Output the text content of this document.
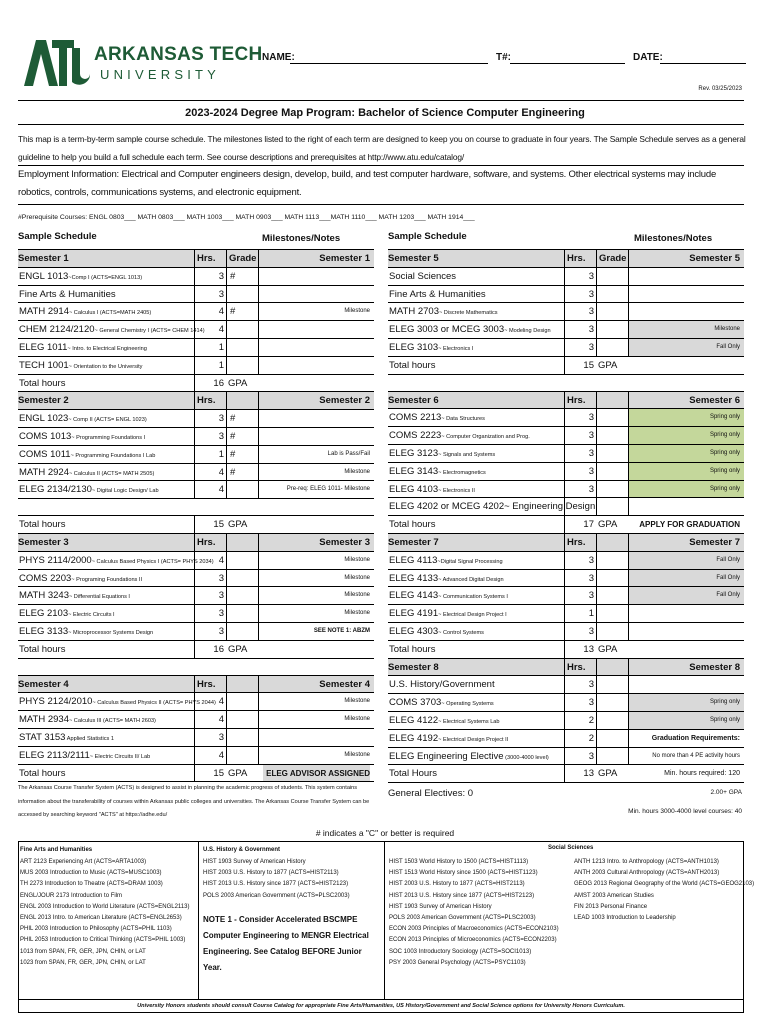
ARKANSAS TECH
UNIVERSITY
NAME:	T#:	DATE:
Rev. 03/25/2023
2023-2024 Degree Map Program: Bachelor of Science Computer Engineering
This map is a term-by-term sample course schedule. The milestones listed to the right of each term are designed to keep you on course to graduate in four years. The Sample Schedule serves as a general guideline to help you build a full schedule each term. See course descriptions and prerequisites at http://www.atu.edu/catalog/
Employment Information: Electrical and Computer engineers design, develop, build, and test computer hardware, software, and systems. Other electrical systems may include robotics, controls, communications systems, and electronic equipment.
#Prerequisite Courses: ENGL 0803___ MATH 0803___ MATH 1003___ MATH 0903___ MATH 1113___MATH 1110___ MATH 1203___ MATH 1914___
Sample Schedule	Milestones/Notes	Sample Schedule	Milestones/Notes
Semester 1	Hrs. Grade	Semester 1
ENGL 1013~Comp I (ACTS=ENGL 1013)	3 #
Fine Arts & Humanities	3
MATH 2914~ Calculus I (ACTS=MATH 2405)	4 #	Milestone
CHEM 2124/2120~ General Chemistry I (ACTS= CHEM 1414)	4
ELEG 1011~ Intro. to Electrical Engineering	1
TECH 1001~ Orientation to the University	1
Total hours	16 GPA
Semester 2	Hrs.	Semester 2
ENGL 1023~ Comp II (ACTS= ENGL 1023)	3 #
COMS 1013~ Programming Foundations I	3 #
COMS 1011~ Programming Foundations I Lab	1 #	Lab is Pass/Fail
MATH 2924~ Calculus II (ACTS= MATH 2505)	4 #	Milestone
ELEG 2134/2130~ Digital Logic Design/ Lab	4	Pre-req: ELEG 1011- Milestone
Total hours	15 GPA
Semester 3	Hrs.	Semester 3
PHYS 2114/2000~ Calculus Based Physics I (ACTS= PHYS 2034) 4	Milestone
COMS 2203~ Programing Foundations II	3	Milestone
MATH 3243~ Differential Equations I	3	Milestone
ELEG 2103~ Electric Circuits I	3	Milestone
ELEG 3133~ Microprocessor Systems Design	3	SEE NOTE 1: ABZM
Total hours	16 GPA
Semester 4	Hrs.	Semester 4
PHYS 2124/2010~ Calculus Based Physics II (ACTS= PHYS 2044) 4	Milestone
MATH 2934~ Calculus III (ACTS= MATH 2603)	4	Milestone
STAT 3153 Applied Statistics 1	3
ELEG 2113/2111~ Electric Circuits II/ Lab	4	Milestone
Total hours	15 GPA	ELEG ADVISOR ASSIGNED
Semester 5	Hrs. Grade	Semester 5
Social Sciences	3
Fine Arts & Humanities	3
MATH 2703~ Discrete Mathematics	3
ELEG 3003 or MCEG 3003~ Modeling Design	3	Milestone
ELEG 3103~ Electronics I	3	Fall Only
Total hours	15 GPA
Semester 6	Hrs.	Semester 6
COMS 2213~ Data Structures	3	Spring only
COMS 2223~ Computer Organization and Prog.	3	Spring only
ELEG 3123~ Signals and Systems	3	Spring only
ELEG 3143~ Electromagnetics	3	Spring only
ELEG 4103~ Electronics II	3	Spring only
ELEG 4202 or MCEG 4202~ Engineering Design
Total hours	17 GPA	APPLY FOR GRADUATION
Semester 7	Hrs.	Semester 7
ELEG 4113~Digital Signal Processing	3	Fall Only
ELEG 4133~ Advanced Digital Design	3	Fall Only
ELEG 4143~ Communication Systems I	3	Fall Only
ELEG 4191~ Electrical Design Project I	1
ELEG 4303~ Control Systems	3
Total hours	13 GPA
Semester 8	Hrs.	Semester 8
U.S. History/Government	3
COMS 3703~ Operating Systems	3	Spring only
ELEG 4122~ Electrical Systems Lab	2	Spring only
ELEG 4192~ Electrical Design Project II	2	Graduation Requirements:
ELEG Engineering Elective (3000-4000 level)	3	No more than 4 PE activity hours
Total Hours	13 GPA	Min. hours required: 120
The Arkansas Course Transfer System (ACTS) is designed to assist in planning the academic progress of students. This system contains information about the transferability of courses within Arkansas public colleges and universities. The Arkansas Course Transfer System can be accessed by searching keyword "ACTS" at https://adhe.edu/
General Electives: 0	2.00+ GPA
Min. hours 3000-4000 level courses: 40
# indicates a "C" or better is required
Fine Arts and Humanities
ART 2123 Experiencing Art (ACTS=ARTA1003)
MUS 2003 Introduction to Music (ACTS=MUSC1003)
TH 2273 Introduction to Theatre (ACTS=DRAM 1003)
ENGL/JOUR 2173 Introduction to Film
ENGL 2003 Introduction to World Literature (ACTS=ENGL2113)
ENGL 2013 Intro. to American Literature (ACTS=ENGL2653)
PHIL 2003 Introduction to Philosophy (ACTS=PHIL 1103)
PHIL 2053 Introduction to Critical Thinking (ACTS=PHIL 1003)
1013 from SPAN, FR, GER, JPN, CHIN, or LAT
1023 from SPAN, FR, GER, JPN, CHIN, or LAT
U.S. History & Government
HIST 1903 Survey of American History
HIST 2003 U.S. History to 1877 (ACTS=HIST2113)
HIST 2013 U.S. History since 1877 (ACTS=HIST2123)
POLS 2003 American Government (ACTS=PLSC2003)
NOTE 1 - Consider Accelerated BSCMPE Computer Engineering to MENGR Electrical Engineering. See Catalog BEFORE Junior Year.
Social Sciences
HIST 1503 World History to 1500 (ACTS=HIST1113)
HIST 1513 World History since 1500 (ACTS=HIST1123)
HIST 2003 U.S. History to 1877 (ACTS=HIST2113)
HIST 2013 U.S. History since 1877 (ACTS=HIST2123)
HIST 1903 Survey of American History
POLS 2003 American Government (ACTS=PLSC2003)
ECON 2003 Principles of Macroeconomics (ACTS=ECON2103)
ECON 2013 Principles of Microeconomics (ACTS=ECON2203)
SOC 1003 Introductory Sociology (ACTS=SOCI1013)
PSY 2003 General Psychology (ACTS=PSYC1103)
ANTH 1213 Intro. to Anthropology (ACTS=ANTH1013)
ANTH 2003 Cultural Anthropology (ACTS=ANTH2013)
GEOG 2013 Regional Geography of the World (ACTS=GEOG2103)
AMST 2003 American Studies
FIN 2013 Personal Finance
LEAD 1003 Introduction to Leadership
University Honors students should consult Course Catalog for appropriate Fine Arts/Humanities, US History/Government and Social Science options for University Honors Curriculum.
